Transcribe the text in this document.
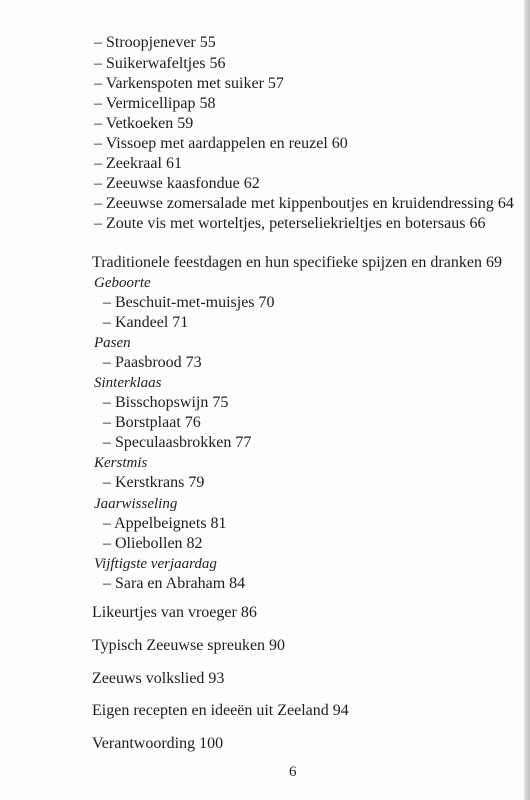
– Stroopjenever 55
– Suikerwafeltjes 56
– Varkenspoten met suiker 57
– Vermicellipap 58
– Vetkoeken 59
– Vissoep met aardappelen en reuzel 60
– Zeekraal 61
– Zeeuwse kaasfondue 62
– Zeeuwse zomersalade met kippenboutjes en kruidendressing 64
– Zoute vis met worteltjes, peterseliekrieltjes en botersaus 66
Traditionele feestdagen en hun specifieke spijzen en dranken 69
Geboorte
– Beschuit-met-muisjes 70
– Kandeel 71
Pasen
– Paasbrood 73
Sinterklaas
– Bisschopswijn 75
– Borstplaat 76
– Speculaasbrokken 77
Kerstmis
– Kerstkrans 79
Jaarwisseling
– Appelbeignets 81
– Oliebollen 82
Vijftigste verjaardag
– Sara en Abraham 84
Likeurtjes van vroeger 86
Typisch Zeeuwse spreuken 90
Zeeuws volkslied 93
Eigen recepten en ideeën uit Zeeland 94
Verantwoording 100
6
